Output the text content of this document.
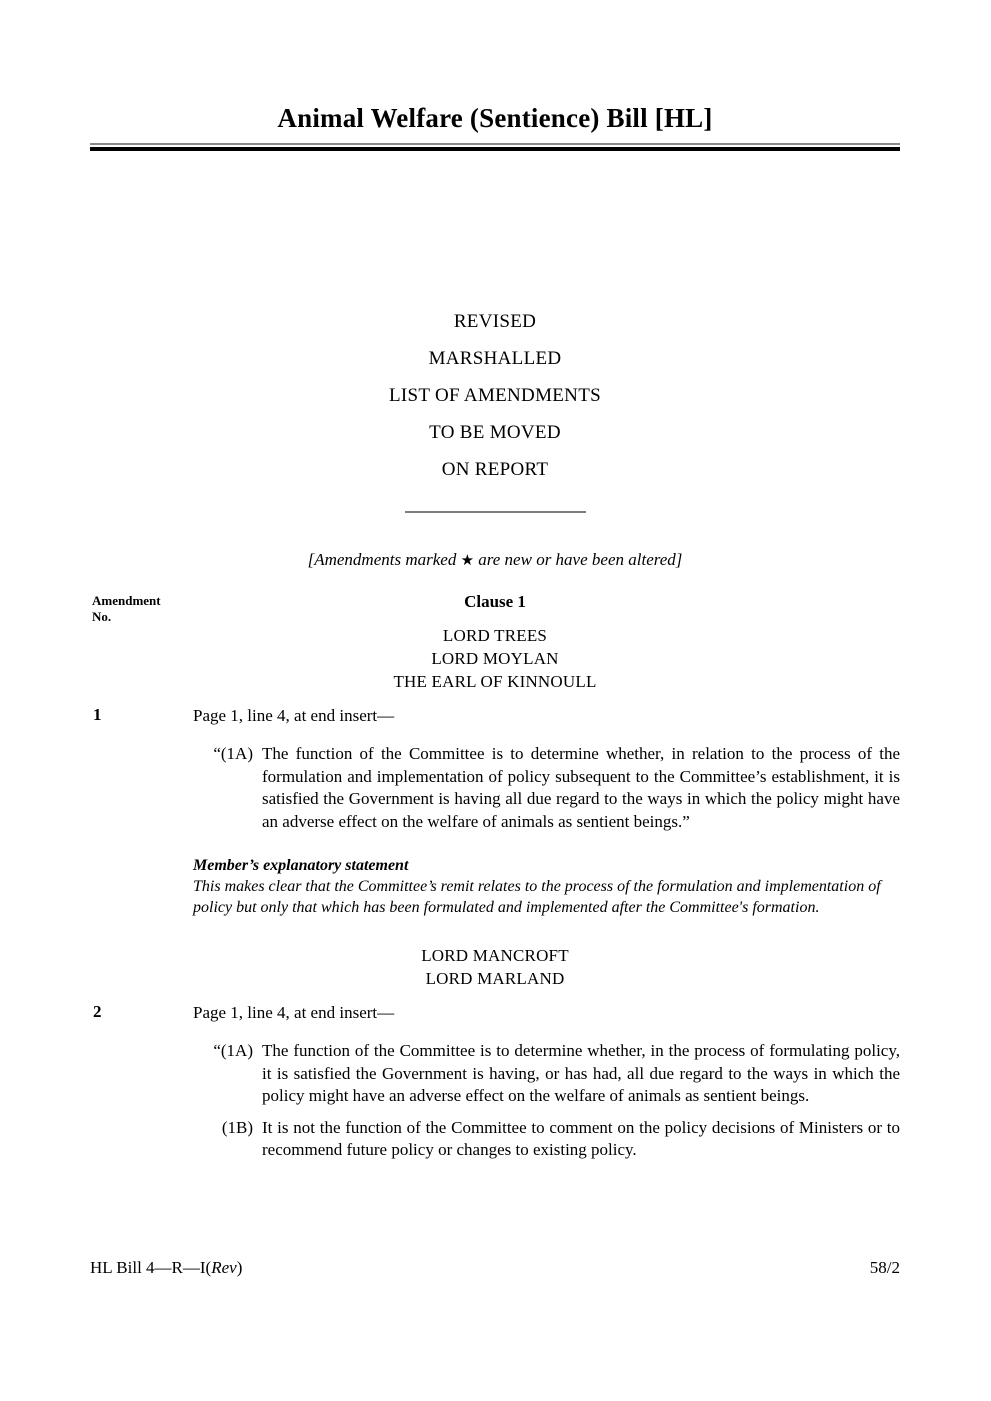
Animal Welfare (Sentience) Bill [HL]
REVISED
MARSHALLED
LIST OF AMENDMENTS
TO BE MOVED
ON REPORT
[Amendments marked ★ are new or have been altered]
Amendment
No.
Clause 1
LORD TREES
LORD MOYLAN
THE EARL OF KINNOULL
1	Page 1, line 4, at end insert—
“(1A) The function of the Committee is to determine whether, in relation to the process of the formulation and implementation of policy subsequent to the Committee’s establishment, it is satisfied the Government is having all due regard to the ways in which the policy might have an adverse effect on the welfare of animals as sentient beings.”
Member’s explanatory statement
This makes clear that the Committee’s remit relates to the process of the formulation and implementation of policy but only that which has been formulated and implemented after the Committee's formation.
LORD MANCROFT
LORD MARLAND
2	Page 1, line 4, at end insert—
“(1A) The function of the Committee is to determine whether, in the process of formulating policy, it is satisfied the Government is having, or has had, all due regard to the ways in which the policy might have an adverse effect on the welfare of animals as sentient beings.
(1B) It is not the function of the Committee to comment on the policy decisions of Ministers or to recommend future policy or changes to existing policy.
HL Bill 4—R—I(Rev)	58/2
